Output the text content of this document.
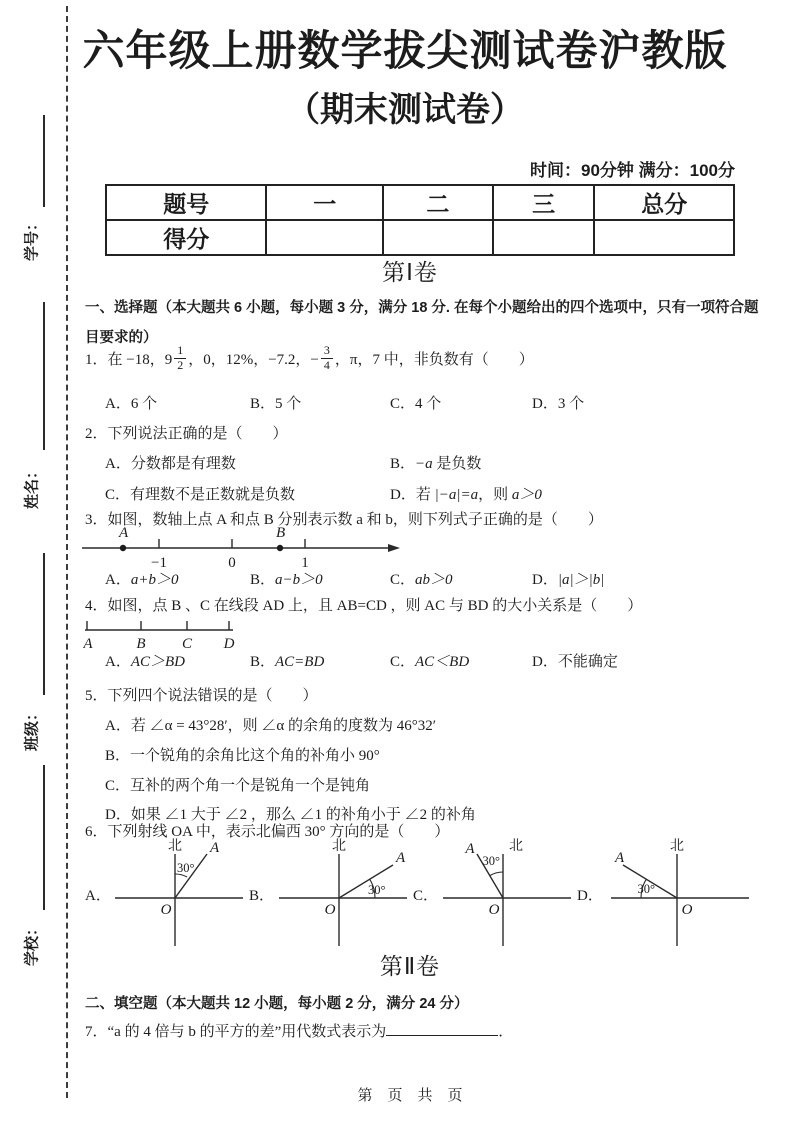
学号：
姓名：
班级：
学校：
六年级上册数学拔尖测试卷沪教版
（期末测试卷）
时间：90分钟 满分：100分
题号	一	二	三	总分
得分				
第Ⅰ卷
一、选择题（本大题共 6 小题，每小题 3 分，满分 18 分. 在每个小题给出的四个选项中，只有一项符合题
目要求的）
1．在 −18，$9 \frac{1}{2}$ ，0，12%，−7.2，− $\frac{3}{4}$ ，π，7 中，非负数有（　　）
A．6 个	B．5 个	C．4 个	D．3 个
2．下列说法正确的是（　　）
A．分数都是有理数	B．−a 是负数
C．有理数不是正数就是负数	D．若 |−a|=a，则 a＞0
3．如图，数轴上点 A 和点 B 分别表示数 a 和 b，则下列式子正确的是（　　）
A	B
−1	0	1
A．a+b＞0	B．a−b＞0	C．ab＞0	D．|a|＞|b|
4．如图，点 B 、C 在线段 AD 上，且 AB=CD ，则 AC 与 BD 的大小关系是（　　）
A	B C D
A．AC＞BD	B．AC=BD	C．AC＜BD	D．不能确定
5．下列四个说法错误的是（　　）
A．若 ∠α = 43°28′，则 ∠α 的余角的度数为 46°32′
B．一个锐角的余角比这个角的补角小 90°
C．互补的两个角一个是锐角一个是钝角
D．如果 ∠1 大于 ∠2 ，那么 ∠1 的补角小于 ∠2 的补角
6．下列射线 OA 中，表示北偏西 30° 方向的是（　　）
A．
北 A
30°
O
B．
北
A
30°
O
C．
北
A
30°
O
D．
北
A
30°
O
第Ⅱ卷
二、填空题（本大题共 12 小题，每小题 2 分，满分 24 分）
7．“a 的 4 倍与 b 的平方的差”用代数式表示为	．
第　页　共　页
